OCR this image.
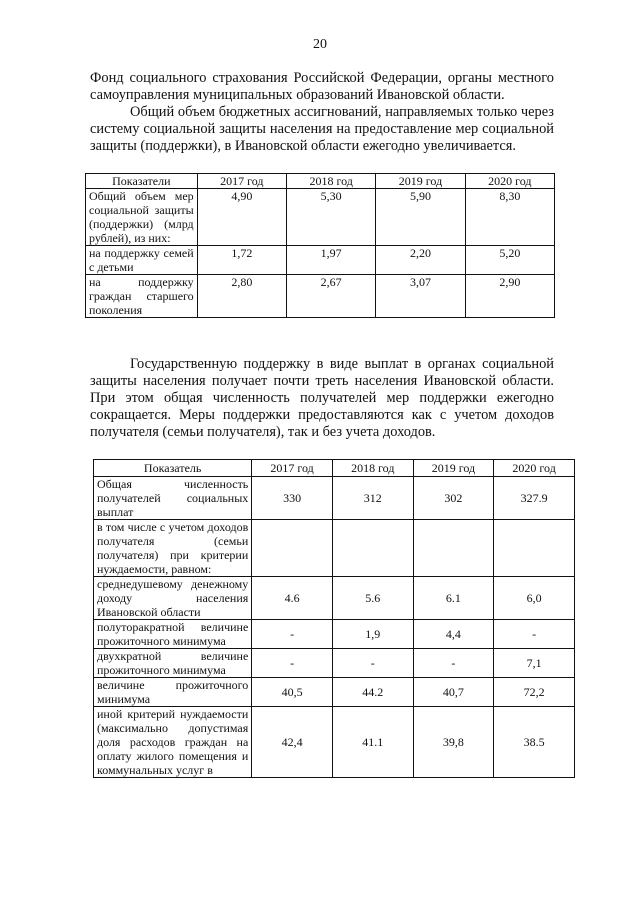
20

Фонд социального страхования Российской Федерации, органы местного самоуправления муниципальных образований Ивановской области.

Общий объем бюджетных ассигнований, направляемых только через систему социальной защиты населения на предоставление мер социальной защиты (поддержки), в Ивановской области ежегодно увеличивается.

Показатели	2017 год	2018 год	2019 год	2020 год
Общий объем мер социальной защиты (поддержки) (млрд рублей), из них:	4,90	5,30	5,90	8,30
на поддержку семей с детьми	1,72	1,97	2,20	5,20
на поддержку граждан старшего поколения	2,80	2,67	3,07	2,90

Государственную поддержку в виде выплат в органах социальной защиты населения получает почти треть населения Ивановской области. При этом общая численность получателей мер поддержки ежегодно сокращается. Меры поддержки предоставляются как с учетом доходов получателя (семьи получателя), так и без учета доходов.

Показатель	2017 год	2018 год	2019 год	2020 год
Общая численность получателей социальных выплат	330	312	302	327.9
в том числе с учетом доходов получателя (семьи получателя) при критерии нуждаемости, равном:				
среднедушевому денежному доходу населения Ивановской области	4.6	5.6	6.1	6,0
полуторакратной величине прожиточного минимума	-	1,9	4,4	-
двухкратной величине прожиточного минимума	-	-	-	7,1
величине прожиточного минимума	40,5	44.2	40,7	72,2
иной критерий нуждаемости (максимально допустимая доля расходов граждан на оплату жилого помещения и коммунальных услуг в	42,4	41.1	39,8	38.5
